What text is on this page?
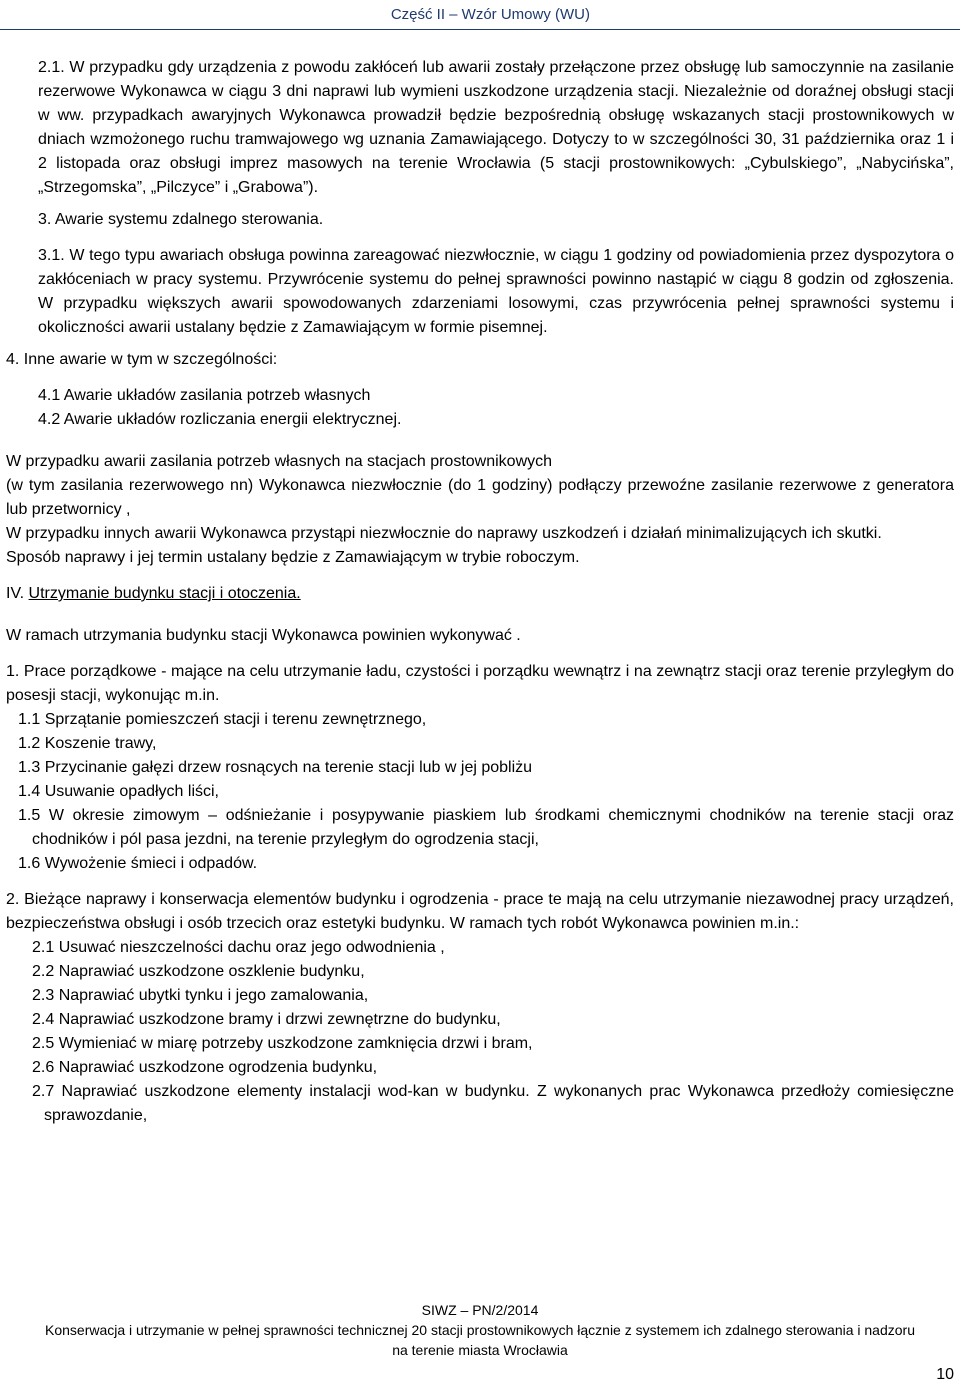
Część II – Wzór Umowy (WU)

2.1. W przypadku gdy urządzenia z powodu zakłóceń lub awarii zostały przełączone przez obsługę lub samoczynnie na zasilanie rezerwowe Wykonawca w ciągu 3 dni naprawi lub wymieni uszkodzone urządzenia stacji. Niezależnie od doraźnej obsługi stacji w ww. przypadkach awaryjnych Wykonawca prowadził będzie bezpośrednią obsługę wskazanych stacji prostownikowych w dniach wzmożonego ruchu tramwajowego wg uznania Zamawiającego. Dotyczy to w szczególności 30, 31 października oraz 1 i 2 listopada oraz obsługi imprez masowych na terenie Wrocławia (5 stacji prostownikowych: „Cybulskiego”, „Nabycińska”, „Strzegomska”, „Pilczyce” i „Grabowa”).

3. Awarie systemu zdalnego sterowania.

3.1. W tego typu awariach obsługa powinna zareagować niezwłocznie, w ciągu 1 godziny od powiadomienia przez dyspozytora o zakłóceniach w pracy systemu. Przywrócenie systemu do pełnej sprawności powinno nastąpić w ciągu 8 godzin od zgłoszenia. W przypadku większych awarii spowodowanych zdarzeniami losowymi, czas przywrócenia pełnej sprawności systemu i okoliczności awarii ustalany będzie z Zamawiającym w formie pisemnej.

4. Inne awarie w tym w szczególności:

4.1 Awarie układów zasilania potrzeb własnych

4.2 Awarie układów rozliczania energii elektrycznej.

W przypadku awarii zasilania potrzeb własnych na stacjach prostownikowych

(w tym zasilania rezerwowego nn) Wykonawca niezwłocznie (do 1 godziny) podłączy przewoźne zasilanie rezerwowe z generatora lub przetwornicy ,

W przypadku innych awarii Wykonawca przystąpi niezwłocznie do naprawy uszkodzeń i działań minimalizujących ich skutki.

Sposób naprawy i jej termin ustalany będzie z Zamawiającym w trybie roboczym.

IV. Utrzymanie budynku stacji i otoczenia.

W ramach utrzymania budynku stacji Wykonawca powinien wykonywać .

1. Prace porządkowe - mające na celu utrzymanie ładu, czystości i porządku wewnątrz i na zewnątrz stacji oraz terenie przyległym do posesji stacji, wykonując m.in.

1.1 Sprzątanie pomieszczeń stacji i terenu zewnętrznego,

1.2 Koszenie trawy,

1.3 Przycinanie gałęzi drzew rosnących na terenie stacji lub w jej pobliżu

1.4 Usuwanie opadłych liści,

1.5 W okresie zimowym – odśnieżanie i posypywanie piaskiem lub środkami chemicznymi chodników na terenie stacji oraz chodników i pól pasa jezdni, na terenie przyległym do ogrodzenia stacji,

1.6 Wywożenie śmieci i odpadów.

2. Bieżące naprawy i konserwacja elementów budynku i ogrodzenia - prace te mają na celu utrzymanie niezawodnej pracy urządzeń, bezpieczeństwa obsługi i osób trzecich oraz estetyki budynku. W ramach tych robót Wykonawca powinien m.in.:

2.1 Usuwać nieszczelności dachu oraz jego odwodnienia ,

2.2 Naprawiać uszkodzone oszklenie budynku,

2.3 Naprawiać ubytki tynku i jego zamalowania,

2.4 Naprawiać uszkodzone bramy i drzwi zewnętrzne do budynku,

2.5 Wymieniać w miarę potrzeby uszkodzone zamknięcia drzwi i bram,

2.6 Naprawiać uszkodzone ogrodzenia budynku,

2.7 Naprawiać uszkodzone elementy instalacji wod-kan w budynku. Z wykonanych prac Wykonawca przedłoży comiesięczne sprawozdanie,

SIWZ – PN/2/2014
Konserwacja i utrzymanie w pełnej sprawności technicznej 20 stacji prostownikowych łącznie z systemem ich zdalnego sterowania i nadzoru
na terenie miasta Wrocławia
10
